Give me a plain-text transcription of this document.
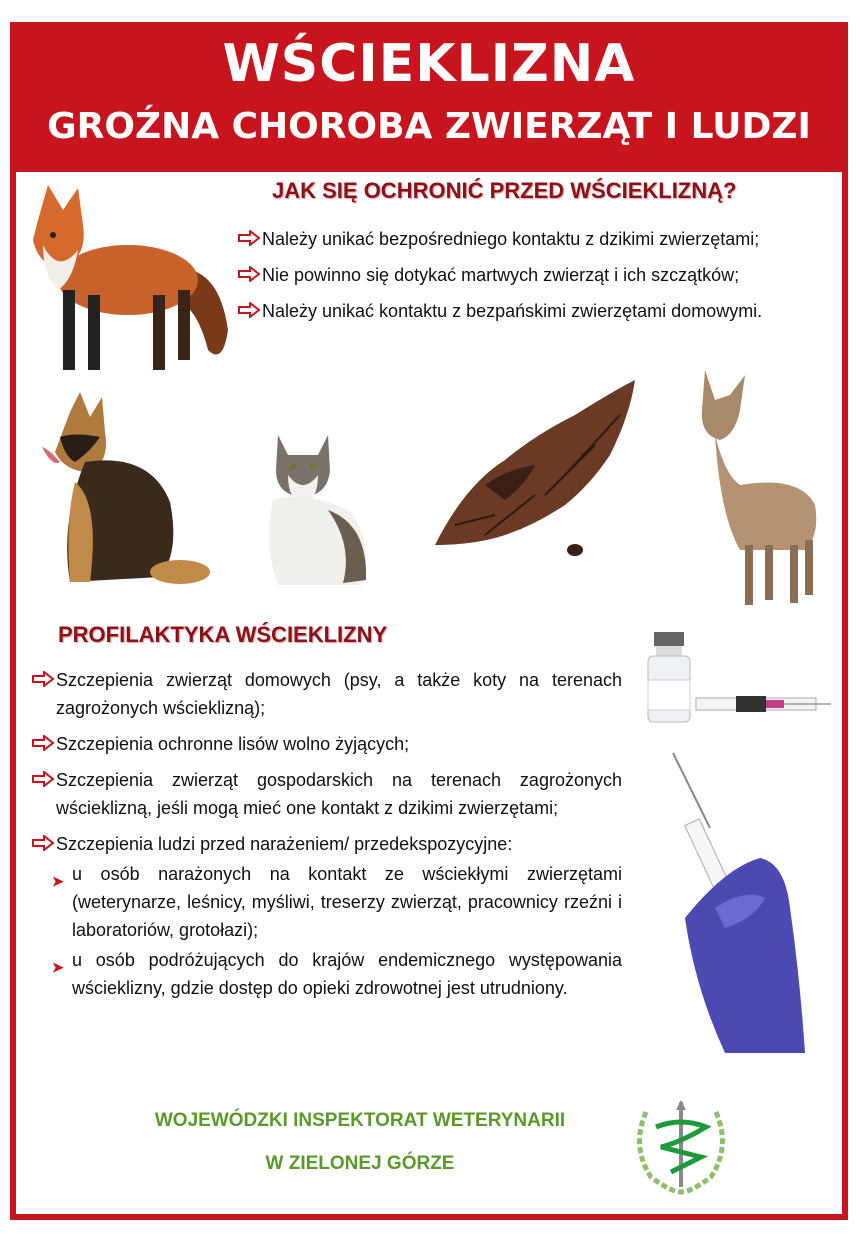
WŚCIEKLIZNA
GROŹNA CHOROBA ZWIERZĄT I LUDZI
JAK SIĘ OCHRONIĆ PRZED WŚCIEKLIZNĄ?
Należy unikać bezpośredniego kontaktu z dzikimi zwierzętami;
Nie powinno się dotykać martwych zwierząt i ich szczątków;
Należy unikać kontaktu z bezpańskimi zwierzętami domowymi.
PROFILAKTYKA WŚCIEKLIZNY
Szczepienia zwierząt domowych (psy, a także koty na terenach zagrożonych wścieklizną);
Szczepienia ochronne lisów wolno żyjących;
Szczepienia zwierząt gospodarskich na terenach zagrożonych wścieklizną, jeśli mogą mieć one kontakt z dzikimi zwierzętami;
Szczepienia ludzi przed narażeniem/ przedekspozycyjne:
➤ u osób narażonych na kontakt ze wściekłymi zwierzętami (weterynarze, leśnicy, myśliwi, treserzy zwierząt, pracownicy rzeźni i laboratoriów, grotołazi);
➤ u osób podróżujących do krajów endemicznego występowania wścieklizny, gdzie dostęp do opieki zdrowotnej jest utrudniony.
WOJEWÓDZKI INSPEKTORAT WETERYNARII
W ZIELONEJ GÓRZE
